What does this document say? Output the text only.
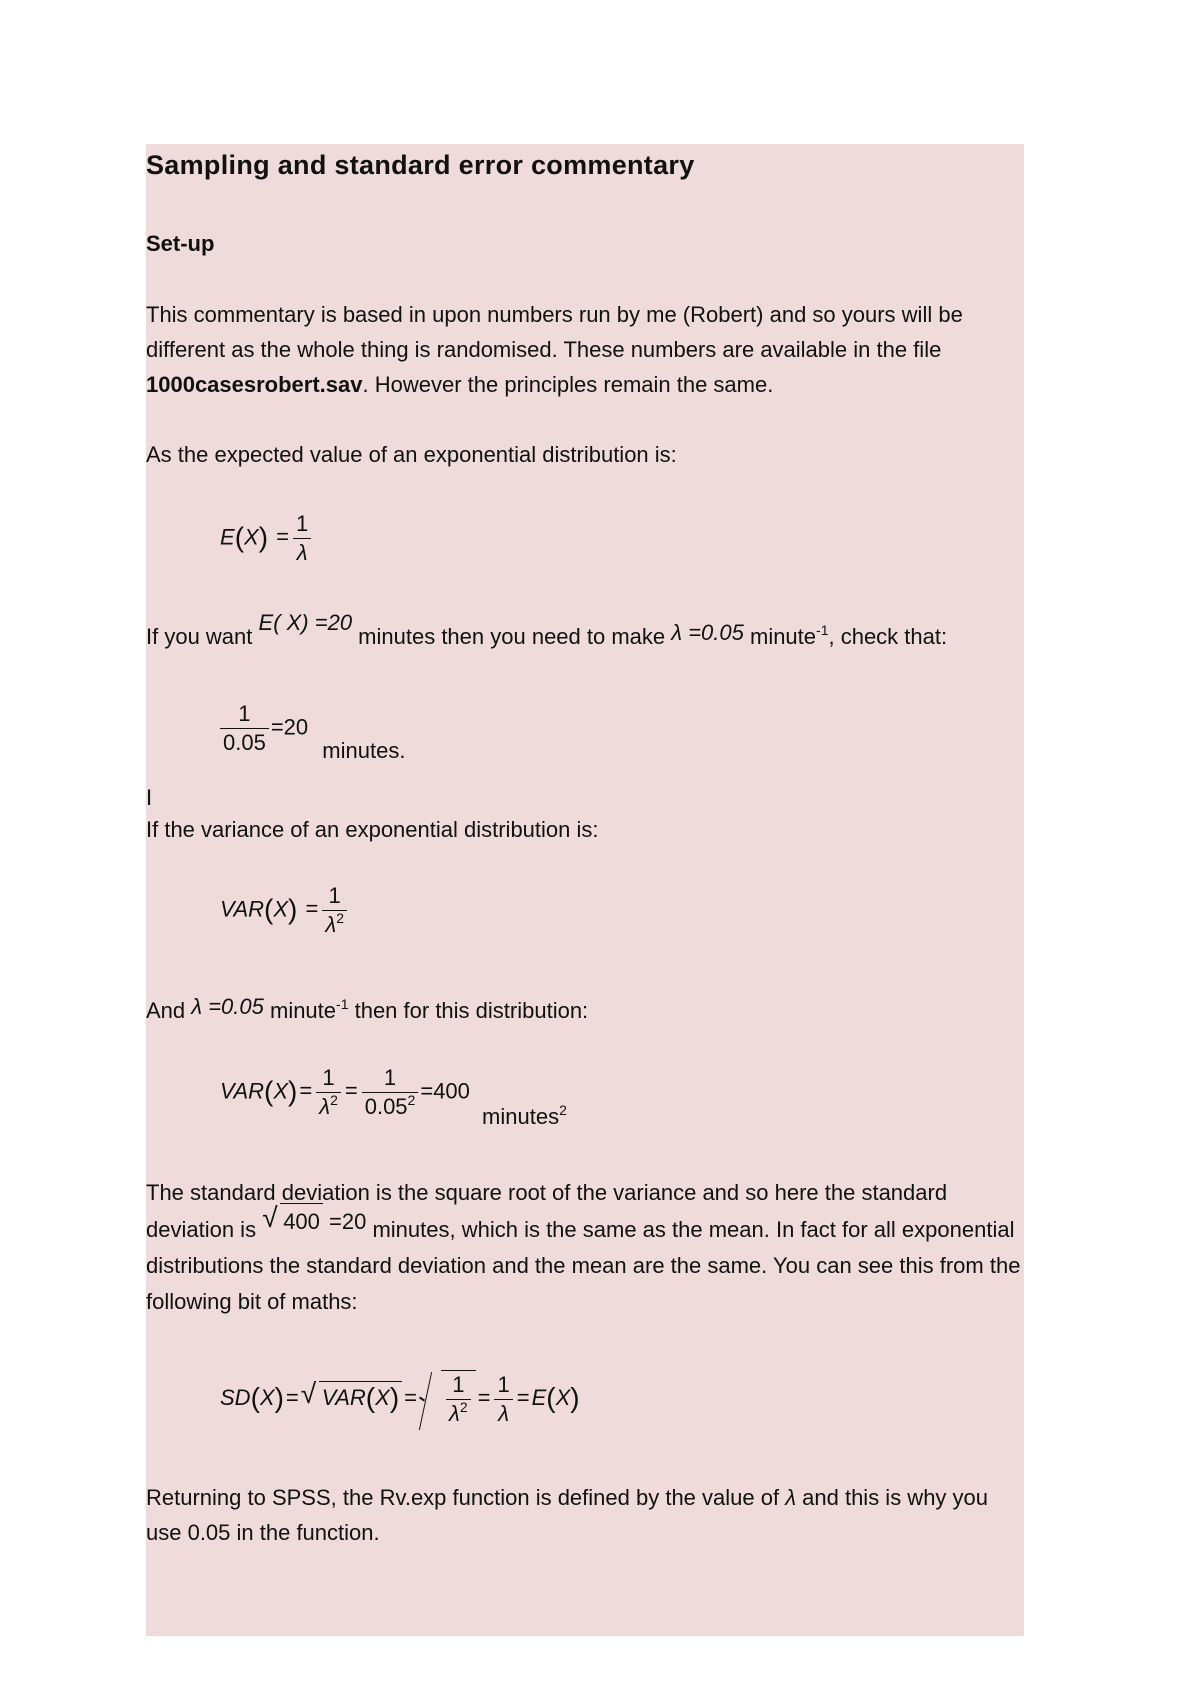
Sampling and standard error commentary
Set-up
This commentary is based in upon numbers run by me (Robert) and so yours will be different as the whole thing is randomised. These numbers are available in the file 1000casesrobert.sav. However the principles remain the same.
As the expected value of an exponential distribution is:
$E(X) = \frac{1}{\lambda}$
If you want E( X) =20 minutes then you need to make λ =0.05 minute$^{-1}$, check that:
$\frac{1}{0.05} =20$ minutes.
I
If the variance of an exponential distribution is:
$VAR(X) = \frac{1}{\lambda^2}$
And λ =0.05 minute$^{-1}$ then for this distribution:
$VAR(X)= \frac{1}{\lambda^2} = \frac{1}{0.05^2} =400$ minutes$^2$
The standard deviation is the square root of the variance and so here the standard deviation is √ 400 =20 minutes, which is the same as the mean. In fact for all exponential distributions the standard deviation and the mean are the same. You can see this from the following bit of maths:
SD(X)=√ $VAR(X) = \frac{1}{\lambda^2} = \frac{1}{\lambda} =E(X)$
Returning to SPSS, the Rv.exp function is defined by the value of λ and this is why you use 0.05 in the function.
